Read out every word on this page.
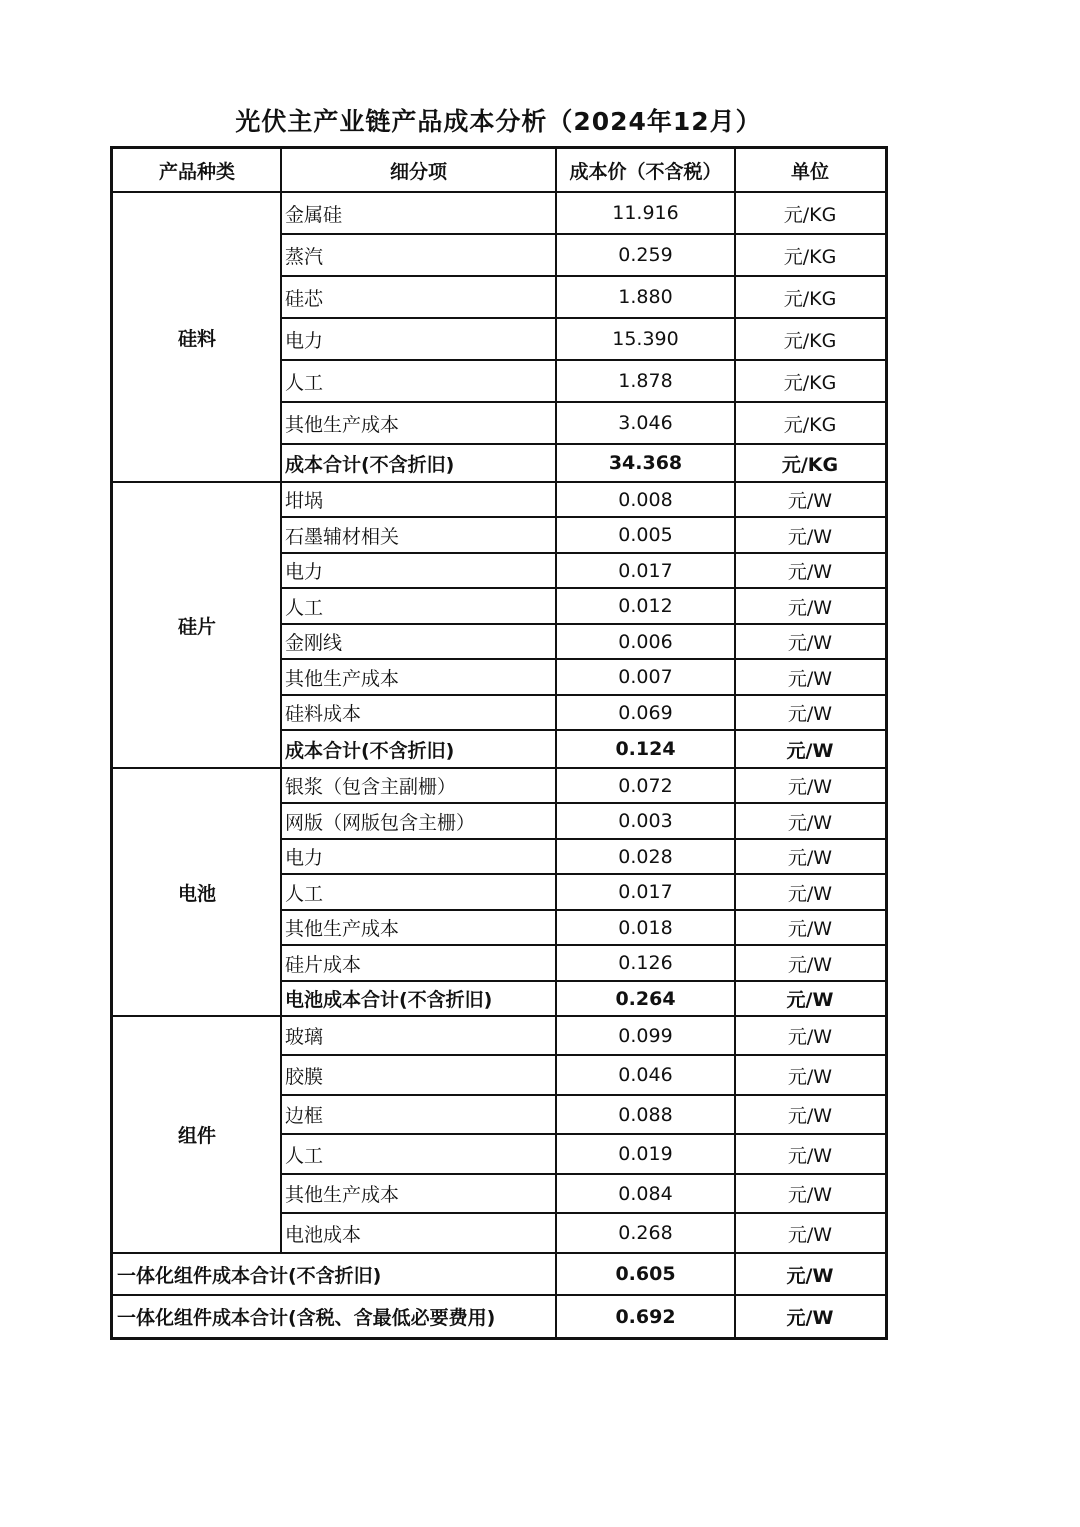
光伏主产业链产品成本分析（2024年12月）
产品种类	细分项	成本价（不含税）	单位
硅料
金属硅	11.916	元/KG
蒸汽	0.259	元/KG
硅芯	1.880	元/KG
电力	15.390	元/KG
人工	1.878	元/KG
其他生产成本	3.046	元/KG
成本合计(不含折旧)	34.368	元/KG
硅片
坩埚	0.008	元/W
石墨辅材相关	0.005	元/W
电力	0.017	元/W
人工	0.012	元/W
金刚线	0.006	元/W
其他生产成本	0.007	元/W
硅料成本	0.069	元/W
成本合计(不含折旧)	0.124	元/W
电池
银浆（包含主副栅）	0.072	元/W
网版（网版包含主栅）	0.003	元/W
电力	0.028	元/W
人工	0.017	元/W
其他生产成本	0.018	元/W
硅片成本	0.126	元/W
电池成本合计(不含折旧)	0.264	元/W
组件
玻璃	0.099	元/W
胶膜	0.046	元/W
边框	0.088	元/W
人工	0.019	元/W
其他生产成本	0.084	元/W
电池成本	0.268	元/W
一体化组件成本合计(不含折旧)	0.605	元/W
一体化组件成本合计(含税、含最低必要费用)	0.692	元/W
